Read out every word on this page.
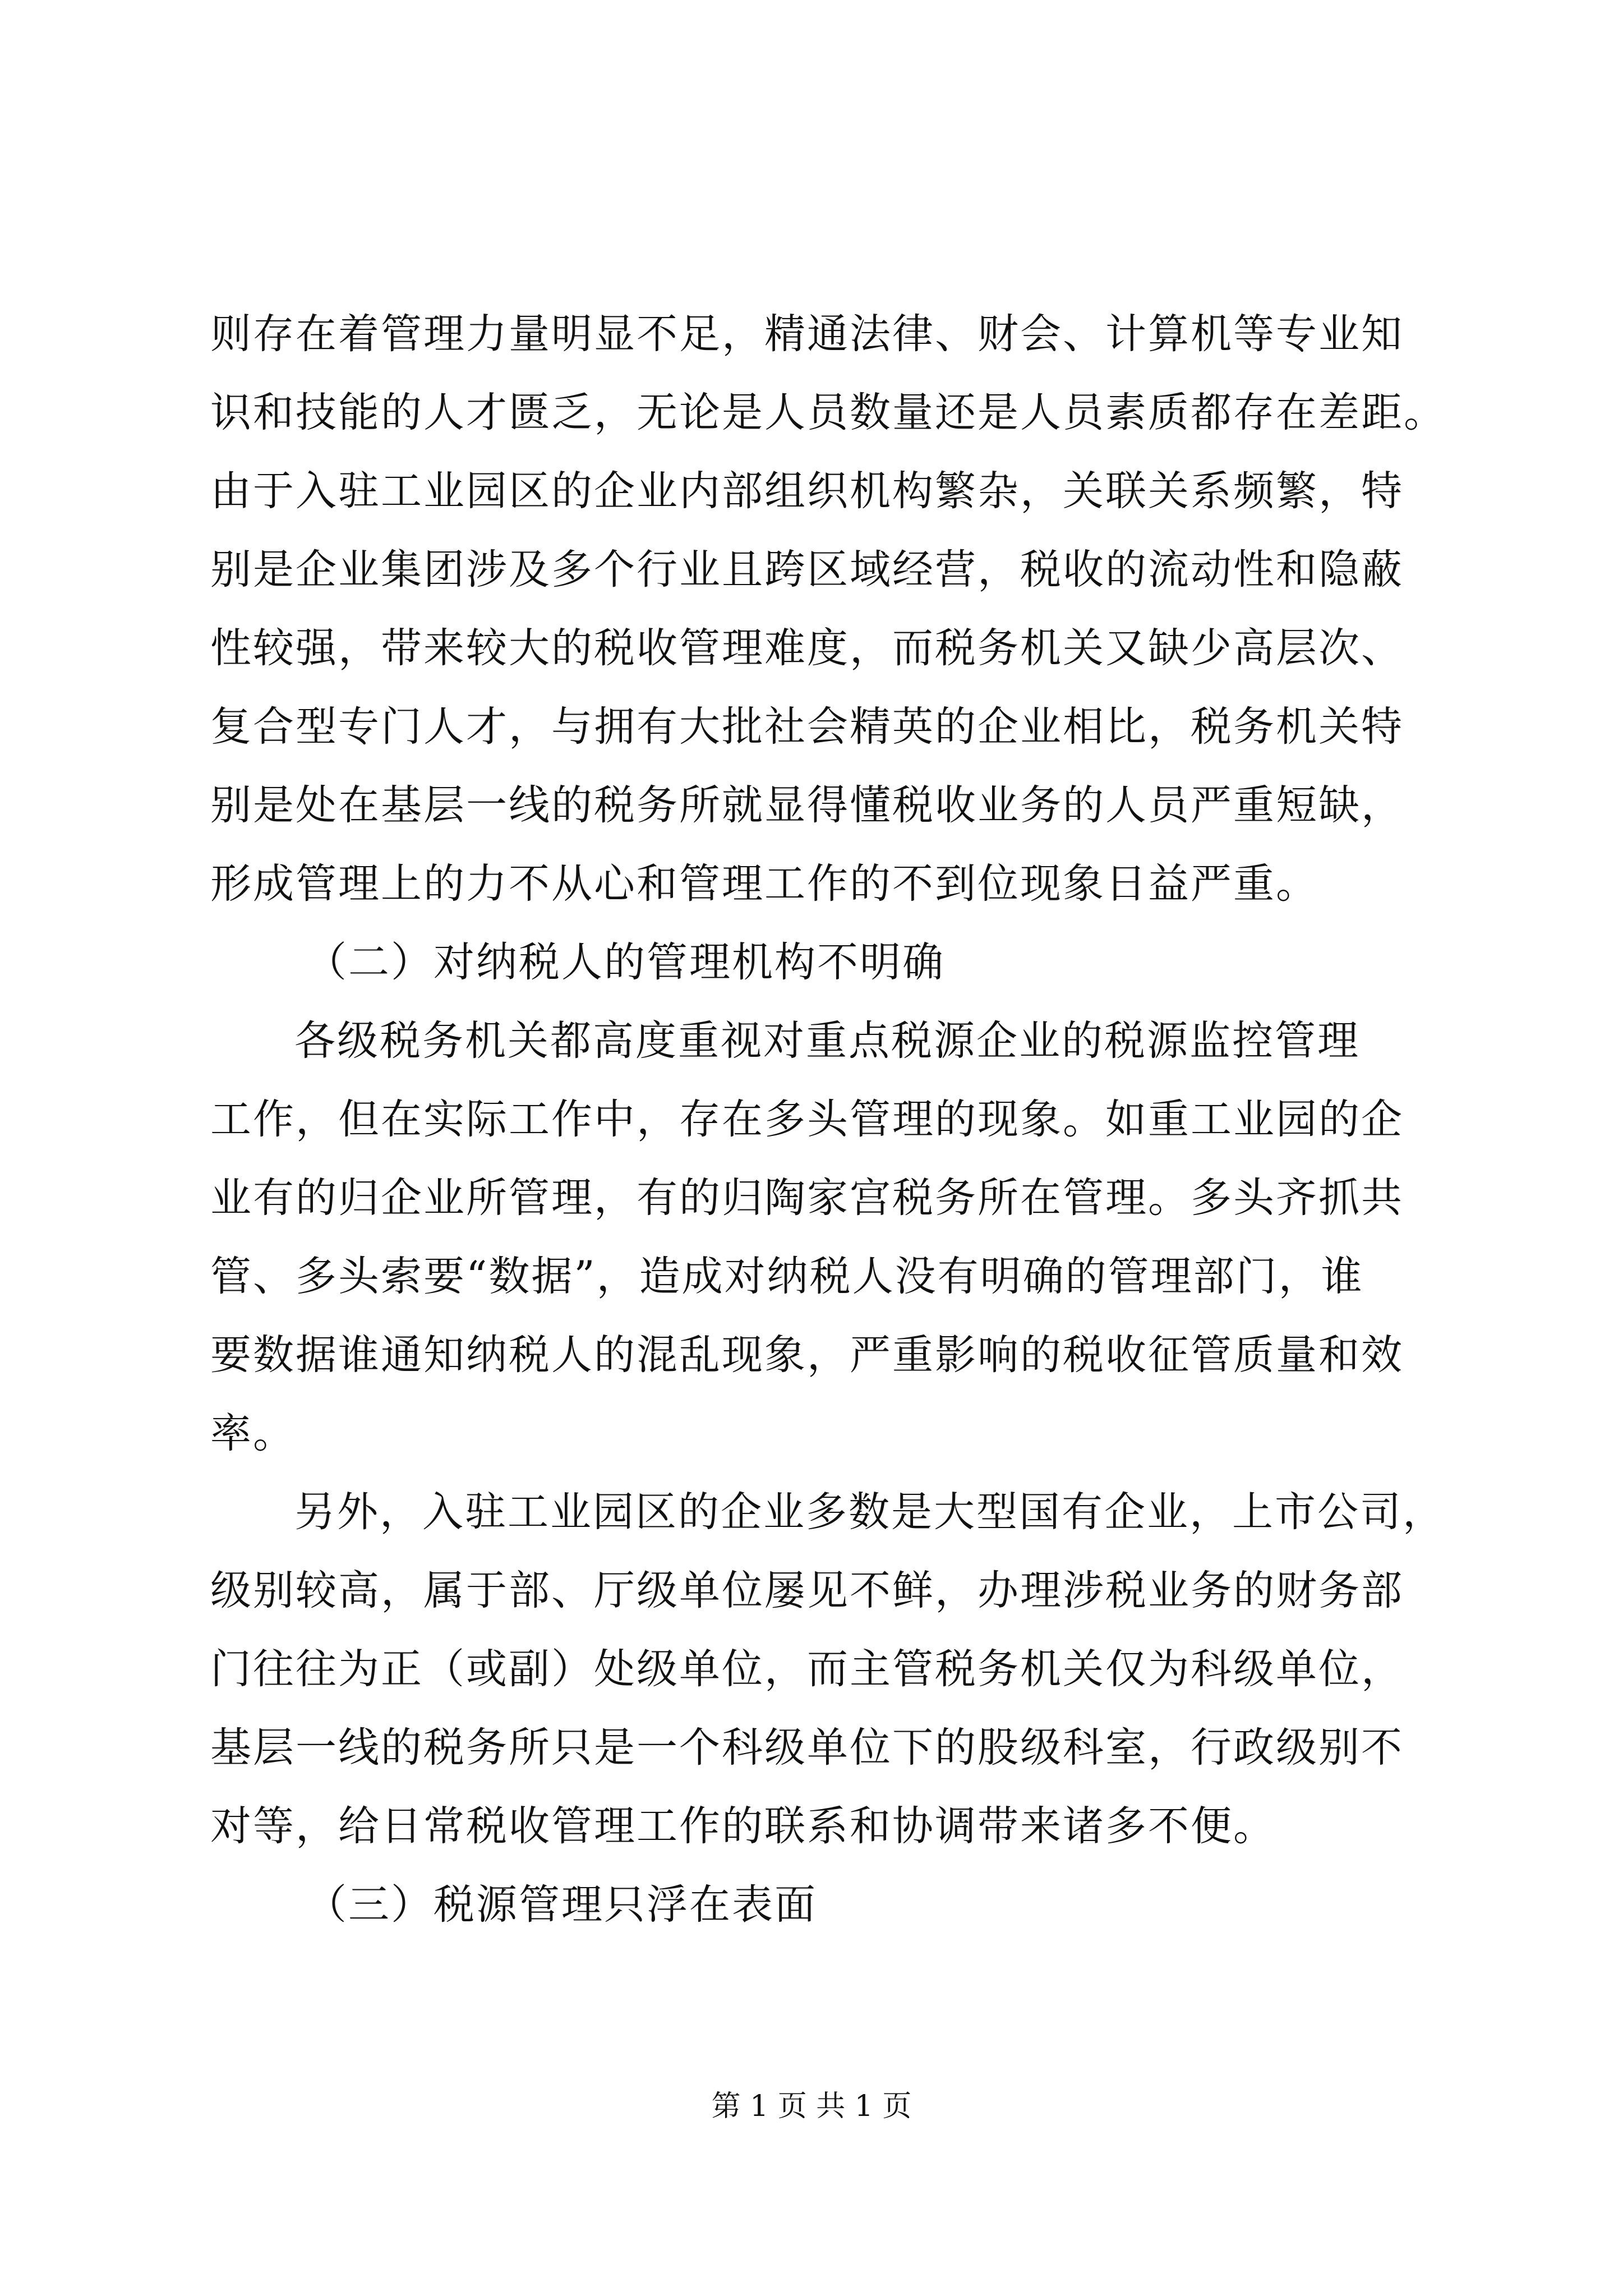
则存在着管理力量明显不足，精通法律、财会、计算机等专业知
识和技能的人才匮乏，无论是人员数量还是人员素质都存在差距。
由于入驻工业园区的企业内部组织机构繁杂，关联关系频繁，特
别是企业集团涉及多个行业且跨区域经营，税收的流动性和隐蔽
性较强，带来较大的税收管理难度，而税务机关又缺少高层次、
复合型专门人才，与拥有大批社会精英的企业相比，税务机关特
别是处在基层一线的税务所就显得懂税收业务的人员严重短缺，
形成管理上的力不从心和管理工作的不到位现象日益严重。
（二）对纳税人的管理机构不明确
各级税务机关都高度重视对重点税源企业的税源监控管理
工作，但在实际工作中，存在多头管理的现象。如重工业园的企
业有的归企业所管理，有的归陶家宫税务所在管理。多头齐抓共
管、多头索要“数据”，造成对纳税人没有明确的管理部门，谁
要数据谁通知纳税人的混乱现象，严重影响的税收征管质量和效
率。
另外，入驻工业园区的企业多数是大型国有企业，上市公司，
级别较高，属于部、厅级单位屡见不鲜，办理涉税业务的财务部
门往往为正（或副）处级单位，而主管税务机关仅为科级单位，
基层一线的税务所只是一个科级单位下的股级科室，行政级别不
对等，给日常税收管理工作的联系和协调带来诸多不便。
（三）税源管理只浮在表面
第 1 页 共 1 页
